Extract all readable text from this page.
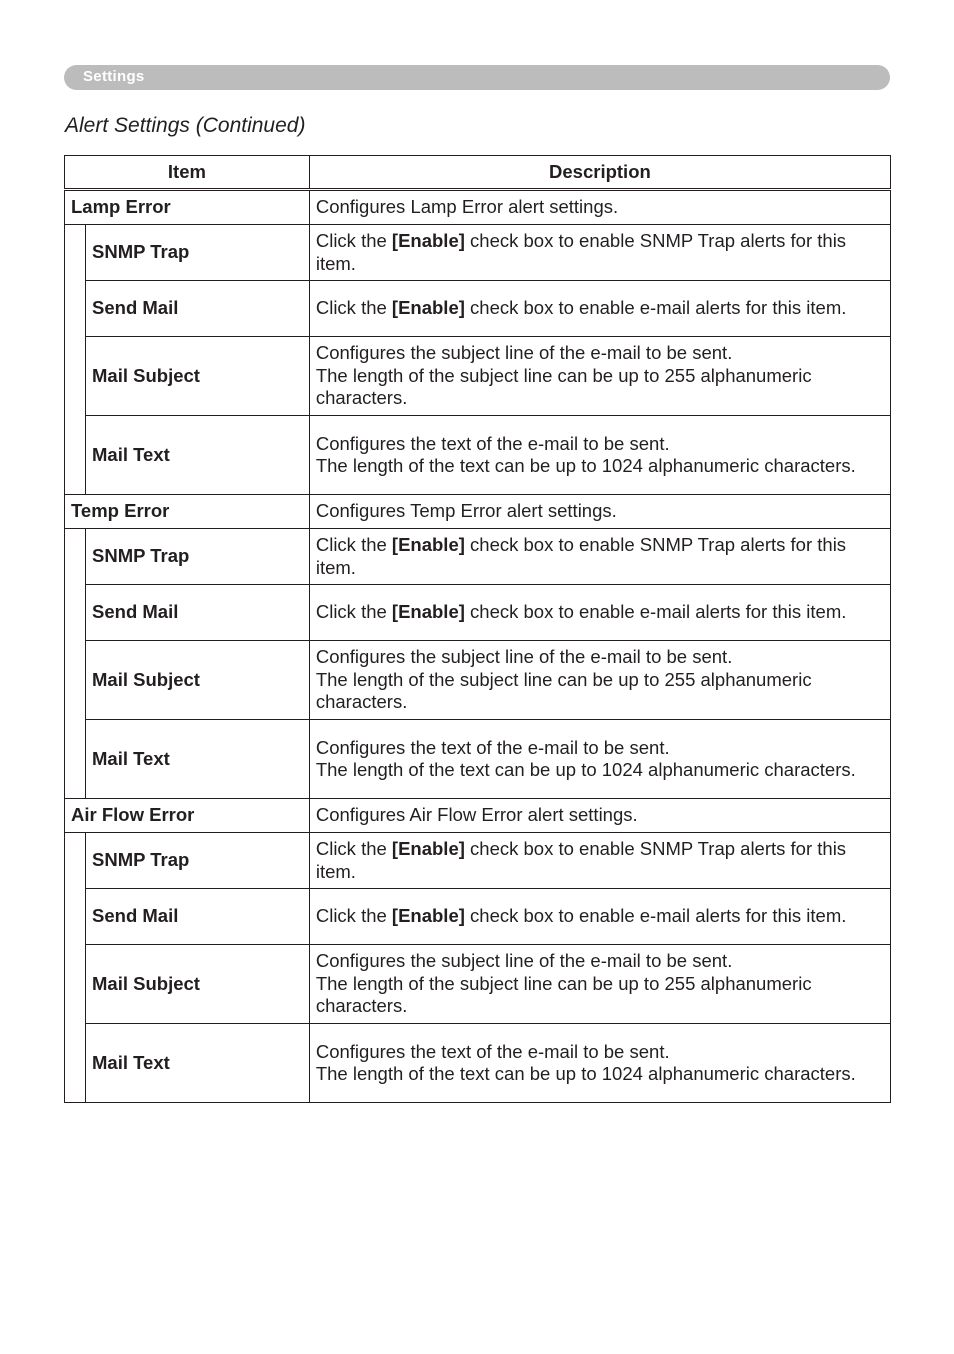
Settings
Alert Settings (Continued)
Item		Description
Lamp Error		Configures Lamp Error alert settings.
	SNMP Trap	Click the [Enable] check box to enable SNMP Trap alerts for this item.
	Send Mail	Click the [Enable] check box to enable e-mail alerts for this item.
	Mail Subject	Configures the subject line of the e-mail to be sent.
The length of the subject line can be up to 255 alphanumeric characters.

	Mail Text	Configures the text of the e-mail to be sent.
The length of the text can be up to 1024 alphanumeric characters.

Temp Error		Configures Temp Error alert settings.
	SNMP Trap	Click the [Enable] check box to enable SNMP Trap alerts for this item.
	Send Mail	Click the [Enable] check box to enable e-mail alerts for this item.
	Mail Subject	Configures the subject line of the e-mail to be sent.
The length of the subject line can be up to 255 alphanumeric characters.

	Mail Text	Configures the text of the e-mail to be sent.
The length of the text can be up to 1024 alphanumeric characters.

Air Flow Error		Configures Air Flow Error alert settings.
	SNMP Trap	Click the [Enable] check box to enable SNMP Trap alerts for this item.
	Send Mail	Click the [Enable] check box to enable e-mail alerts for this item.
	Mail Subject	Configures the subject line of the e-mail to be sent.
The length of the subject line can be up to 255 alphanumeric characters.

	Mail Text	Configures the text of the e-mail to be sent.
The length of the text can be up to 1024 alphanumeric characters.
